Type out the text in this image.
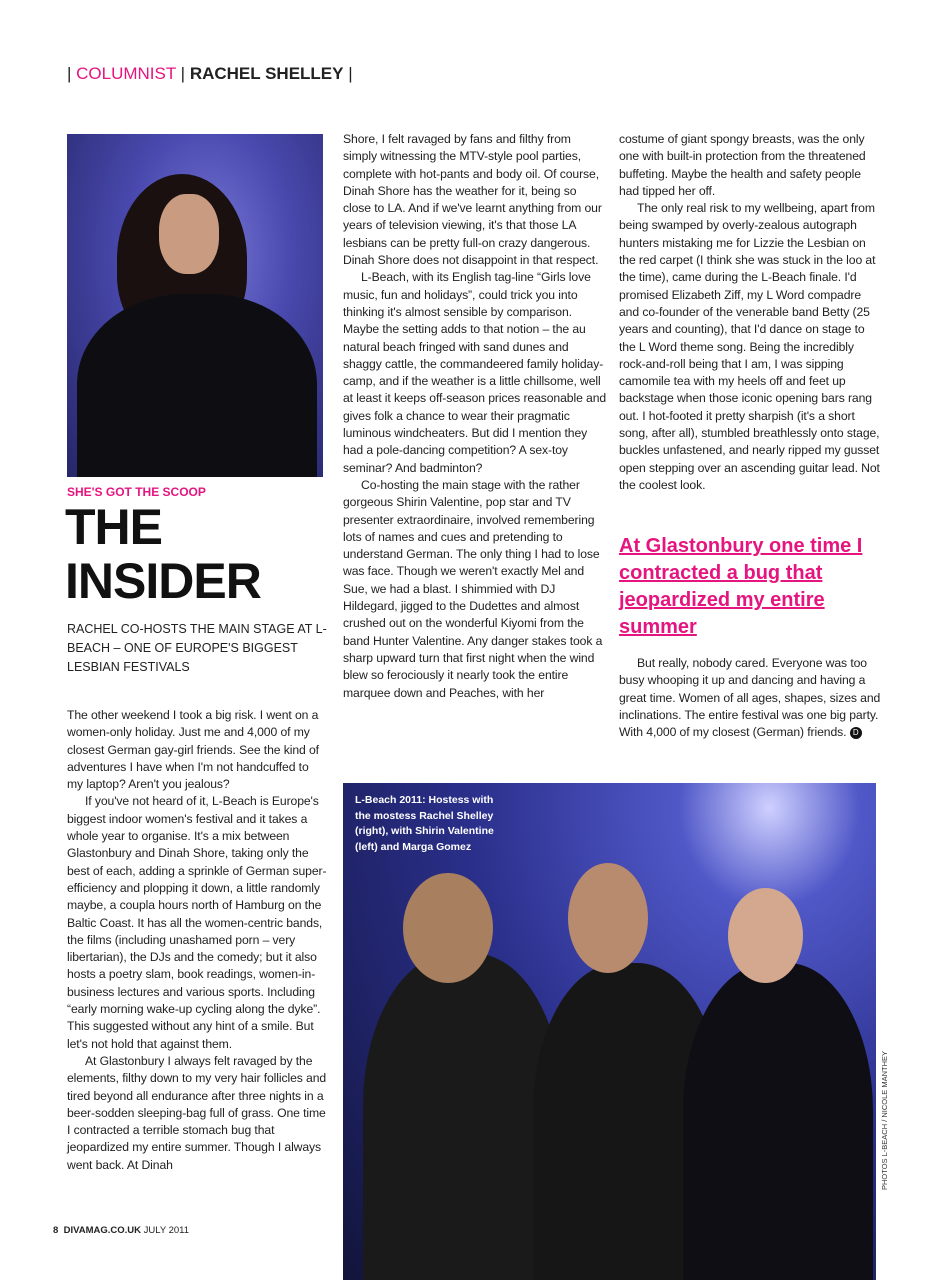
| COLUMNIST | RACHEL SHELLEY |
SHE'S GOT THE SCOOP
THE
INSIDER
RACHEL CO-HOSTS THE MAIN STAGE AT L-BEACH – ONE OF EUROPE'S BIGGEST LESBIAN FESTIVALS

The other weekend I took a big risk. I went on a women-only holiday. Just me and 4,000 of my closest German gay-girl friends. See the kind of adventures I have when I'm not handcuffed to my laptop? Aren't you jealous?

If you've not heard of it, L-Beach is Europe's biggest indoor women's festival and it takes a whole year to organise. It's a mix between Glastonbury and Dinah Shore, taking only the best of each, adding a sprinkle of German super-efficiency and plopping it down, a little randomly maybe, a coupla hours north of Hamburg on the Baltic Coast. It has all the women-centric bands, the films (including unashamed porn – very libertarian), the DJs and the comedy; but it also hosts a poetry slam, book readings, women-in-business lectures and various sports. Including “early morning wake-up cycling along the dyke”. This suggested without any hint of a smile. But let's not hold that against them.

At Glastonbury I always felt ravaged by the elements, filthy down to my very hair follicles and tired beyond all endurance after three nights in a beer-sodden sleeping-bag full of grass. One time I contracted a terrible stomach bug that jeopardized my entire summer. Though I always went back. At Dinah

Shore, I felt ravaged by fans and filthy from simply witnessing the MTV-style pool parties, complete with hot-pants and body oil. Of course, Dinah Shore has the weather for it, being so close to LA. And if we've learnt anything from our years of television viewing, it's that those LA lesbians can be pretty full-on crazy dangerous. Dinah Shore does not disappoint in that respect.

L-Beach, with its English tag-line “Girls love music, fun and holidays”, could trick you into thinking it's almost sensible by comparison. Maybe the setting adds to that notion – the au natural beach fringed with sand dunes and shaggy cattle, the commandeered family holiday-camp, and if the weather is a little chillsome, well at least it keeps off-season prices reasonable and gives folk a chance to wear their pragmatic luminous windcheaters. But did I mention they had a pole-dancing competition? A sex-toy seminar? And badminton?

Co-hosting the main stage with the rather gorgeous Shirin Valentine, pop star and TV presenter extraordinaire, involved remembering lots of names and cues and pretending to understand German. The only thing I had to lose was face. Though we weren't exactly Mel and Sue, we had a blast. I shimmied with DJ Hildegard, jigged to the Dudettes and almost crushed out on the wonderful Kiyomi from the band Hunter Valentine. Any danger stakes took a sharp upward turn that first night when the wind blew so ferociously it nearly took the entire marquee down and Peaches, with her

costume of giant spongy breasts, was the only one with built-in protection from the threatened buffeting. Maybe the health and safety people had tipped her off.

The only real risk to my wellbeing, apart from being swamped by overly-zealous autograph hunters mistaking me for Lizzie the Lesbian on the red carpet (I think she was stuck in the loo at the time), came during the L-Beach finale. I'd promised Elizabeth Ziff, my L Word compadre and co-founder of the venerable band Betty (25 years and counting), that I'd dance on stage to the L Word theme song. Being the incredibly rock-and-roll being that I am, I was sipping camomile tea with my heels off and feet up backstage when those iconic opening bars rang out. I hot-footed it pretty sharpish (it's a short song, after all), stumbled breathlessly onto stage, buckles unfastened, and nearly ripped my gusset open stepping over an ascending guitar lead. Not the coolest look.

At Glastonbury one time I contracted a bug that jeopardized my entire summer

But really, nobody cared. Everyone was too busy whooping it up and dancing and having a great time. Women of all ages, shapes, sizes and inclinations. The entire festival was one big party. With 4,000 of my closest (German) friends. D

L-Beach 2011: Hostess with the mostess Rachel Shelley (right), with Shirin Valentine (left) and Marga Gomez
PHOTOS L-BEACH / NICOLE MANTHEY
8 DIVAMAG.CO.UK JULY 2011
